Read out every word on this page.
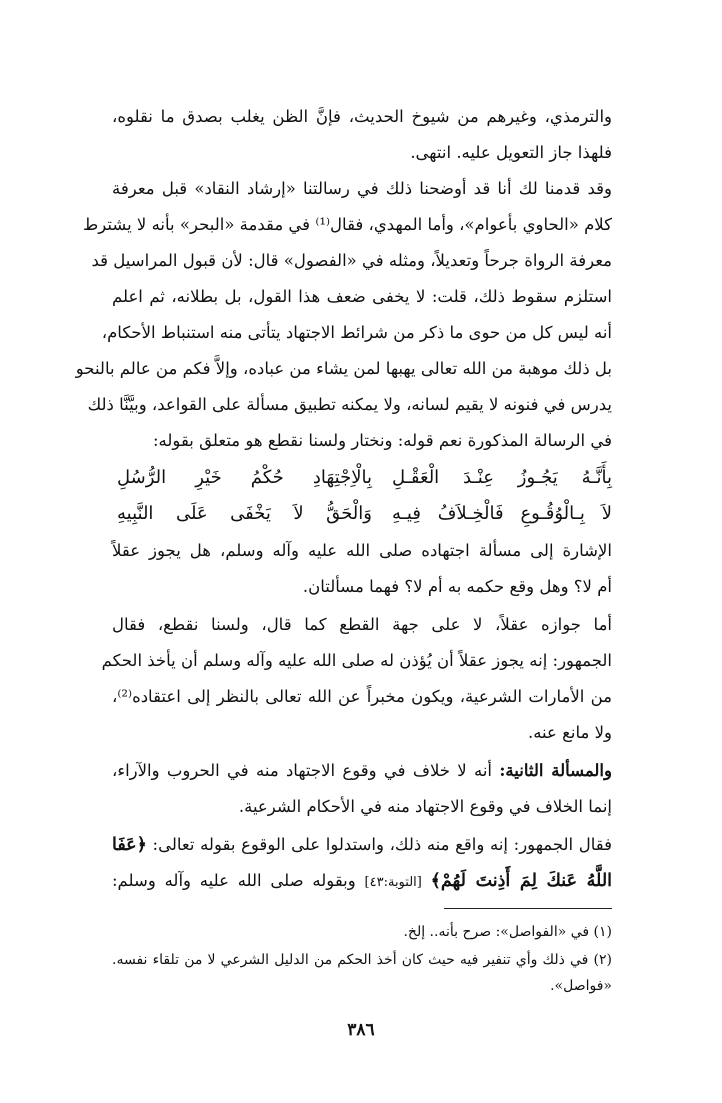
والترمذي، وغيرهم من شيوخ الحديث، فإنَّ الظن يغلب بصدق ما نقلوه،
فلهذا جاز التعويل عليه. انتهى.
وقد قدمنا لك أنا قد أوضحنا ذلك في رسالتنا «إرشاد النقاد» قبل معرفة
كلام «الحاوي بأعوام»، وأما المهدي، فقال⁽¹⁾ في مقدمة «البحر» بأنه لا يشترط
معرفة الرواة جرحاً وتعديلاً، ومثله في «الفصول» قال: لأن قبول المراسيل قد
استلزم سقوط ذلك، قلت: لا يخفى ضعف هذا القول، بل بطلانه، ثم اعلم
أنه ليس كل من حوى ما ذكر من شرائط الاجتهاد يتأتى منه استنباط الأحكام،
بل ذلك موهبة من الله تعالى يهبها لمن يشاء من عباده، وإلاَّ فكم من عالم بالنحو
يدرس في فنونه لا يقيم لسانه، ولا يمكنه تطبيق مسألة على القواعد، وبيَّنَّا ذلك
في الرسالة المذكورة نعم قوله: ونختار ولسنا نقطع هو متعلق بقوله:
بِأَنَّـهُ يَجُـوزُ عِنْـدَ الْعَقْـلِ
بِالْاِجْتِهَادِ حُكْمُ خَيْرِ الرُّسُلِ
لاَ بِـالْوُقُـوعِ فَالْخِـلاَفُ فِيـهِ
وَالْحَقُّ لاَ يَخْفَى عَلَى النَّبِيهِ
الإشارة إلى مسألة اجتهاده صلى الله عليه وآله وسلم، هل يجوز عقلاً
أم لا؟ وهل وقع حكمه به أم لا؟ فهما مسألتان.
أما جوازه عقلاً، لا على جهة القطع كما قال، ولسنا نقطع، فقال
الجمهور: إنه يجوز عقلاً أن يُؤذن له صلى الله عليه وآله وسلم أن يأخذ الحكم
من الأمارات الشرعية، ويكون مخبراً عن الله تعالى بالنظر إلى اعتقاده⁽²⁾،
ولا مانع عنه.
والمسألة الثانية: أنه لا خلاف في وقوع الاجتهاد منه في الحروب والآراء،
إنما الخلاف في وقوع الاجتهاد منه في الأحكام الشرعية.
فقال الجمهور: إنه واقع منه ذلك، واستدلوا على الوقوع بقوله تعالى: ﴿عَفَا
اللَّهُ عَنكَ لِمَ أَذِنتَ لَهُمْ﴾ [التوبة:٤٣] وبقوله صلى الله عليه وآله وسلم:
(١) في «الفواصل»: صرح بأنه.. إلخ.
(٢) في ذلك وأي تنفير فيه حيث كان أخذ الحكم من الدليل الشرعي لا من تلقاء نفسه.
«فواصل».
٣٨٦
